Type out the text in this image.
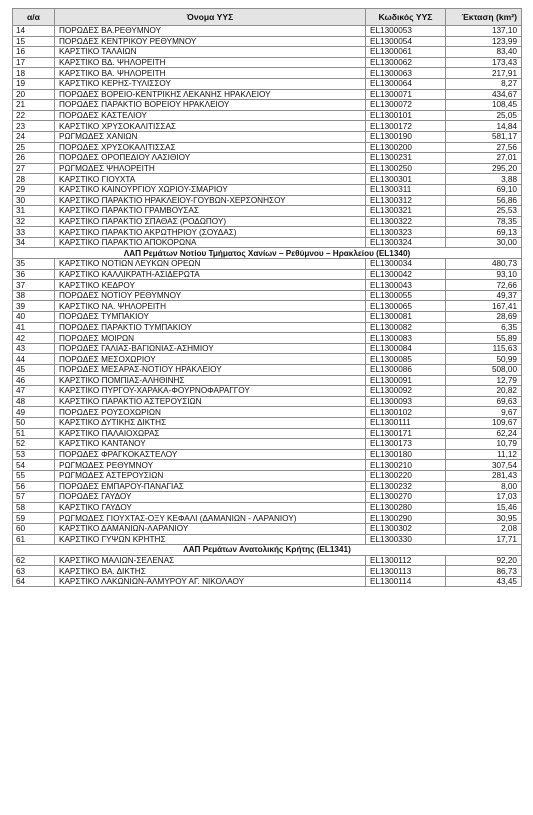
α/α	Όνομα ΥΥΣ	Κωδικός ΥΥΣ	Έκταση (km²)
14	ΠΟΡΩΔΕΣ ΒΑ.ΡΕΘΥΜΝΟΥ	EL1300053	137,10
15	ΠΟΡΩΔΕΣ ΚΕΝΤΡΙΚΟΥ ΡΕΘΥΜΝΟΥ	EL1300054	123,99
16	ΚΑΡΣΤΙΚΟ ΤΑΛΑΙΩΝ	EL1300061	83,40
17	ΚΑΡΣΤΙΚΟ ΒΔ. ΨΗΛΟΡΕΙΤΗ	EL1300062	173,43
18	ΚΑΡΣΤΙΚΟ ΒΑ. ΨΗΛΟΡΕΙΤΗ	EL1300063	217,91
19	ΚΑΡΣΤΙΚΟ ΚΕΡΗΣ-ΤΥΛΙΣΣΟΥ	EL1300064	8,27
20	ΠΟΡΩΔΕΣ ΒΟΡΕΙΟ-ΚΕΝΤΡΙΚΗΣ ΛΕΚΑΝΗΣ ΗΡΑΚΛΕΙΟΥ	EL1300071	434,67
21	ΠΟΡΩΔΕΣ ΠΑΡΑΚΤΙΟ ΒΟΡΕΙΟΥ ΗΡΑΚΛΕΙΟΥ	EL1300072	108,45
22	ΠΟΡΩΔΕΣ ΚΑΣΤΕΛΙΟΥ	EL1300101	25,05
23	ΚΑΡΣΤΙΚΟ ΧΡΥΣΟΚΑΛΙΤΙΣΣΑΣ	EL1300172	14,84
24	ΡΩΓΜΩΔΕΣ ΧΑΝΙΩΝ	EL1300190	581,17
25	ΠΟΡΩΔΕΣ ΧΡΥΣΟΚΑΛΙΤΙΣΣΑΣ	EL1300200	27,56
26	ΠΟΡΩΔΕΣ ΟΡΟΠΕΔΙΟΥ ΛΑΣΙΘΙΟΥ	EL1300231	27,01
27	ΡΩΓΜΩΔΕΣ ΨΗΛΟΡΕΙΤΗ	EL1300250	295,20
28	ΚΑΡΣΤΙΚΟ ΓΙΟΥΧΤΑ	EL1300301	3,88
29	ΚΑΡΣΤΙΚΟ ΚΑΙΝΟΥΡΓΙΟΥ ΧΩΡΙΟΥ-ΣΜΑΡΙΟΥ	EL1300311	69,10
30	ΚΑΡΣΤΙΚΟ ΠΑΡΑΚΤΙΟ ΗΡΑΚΛΕΙΟΥ-ΓΟΥΒΩΝ-ΧΕΡΣΟΝΗΣΟΥ	EL1300312	56,86
31	ΚΑΡΣΤΙΚΟ ΠΑΡΑΚΤΙΟ ΓΡΑΜΒΟΥΣΑΣ	EL1300321	25,53
32	ΚΑΡΣΤΙΚΟ ΠΑΡΑΚΤΙΟ ΣΠΑΘΑΣ (ΡΟΔΩΠΟΥ)	EL1300322	78,35
33	ΚΑΡΣΤΙΚΟ ΠΑΡΑΚΤΙΟ ΑΚΡΩΤΗΡΙΟΥ (ΣΟΥΔΑΣ)	EL1300323	69,13
34	ΚΑΡΣΤΙΚΟ ΠΑΡΑΚΤΙΟ ΑΠΟΚΟΡΩΝΑ	EL1300324	30,00
ΛΑΠ Ρεμάτων Νοτίου Τμήματος Χανίων – Ρεθύμνου – Ηρακλείου (EL1340)			
35	ΚΑΡΣΤΙΚΟ ΝΟΤΙΩΝ ΛΕΥΚΩΝ ΟΡΕΩΝ	EL1300034	480,73
36	ΚΑΡΣΤΙΚΟ ΚΑΛΛΙΚΡΑΤΗ-ΑΣΙΔΕΡΩΤΑ	EL1300042	93,10
37	ΚΑΡΣΤΙΚΟ ΚΕΔΡΟΥ	EL1300043	72,66
38	ΠΟΡΩΔΕΣ ΝΟΤΙΟΥ ΡΕΘΥΜΝΟΥ	EL1300055	49,37
39	ΚΑΡΣΤΙΚΟ ΝΑ. ΨΗΛΟΡΕΙΤΗ	EL1300065	167,41
40	ΠΟΡΩΔΕΣ ΤΥΜΠΑΚΙΟΥ	EL1300081	28,69
41	ΠΟΡΩΔΕΣ ΠΑΡΑΚΤΙΟ ΤΥΜΠΑΚΙΟΥ	EL1300082	6,35
42	ΠΟΡΩΔΕΣ ΜΟΙΡΩΝ	EL1300083	55,89
43	ΠΟΡΩΔΕΣ ΓΑΛΙΑΣ-ΒΑΓΙΩΝΙΑΣ-ΑΣΗΜΙΟΥ	EL1300084	115,63
44	ΠΟΡΩΔΕΣ ΜΕΣΟΧΩΡΙΟΥ	EL1300085	50,99
45	ΠΟΡΩΔΕΣ ΜΕΣΑΡΑΣ-ΝΟΤΙΟΥ ΗΡΑΚΛΕΙΟΥ	EL1300086	508,00
46	ΚΑΡΣΤΙΚΟ ΠΟΜΠΙΑΣ-ΑΛΗΘΙΝΗΣ	EL1300091	12,79
47	ΚΑΡΣΤΙΚΟ ΠΥΡΓΟΥ-ΧΑΡΑΚΑ-ΦΟΥΡΝΟΦΑΡΑΓΓΟΥ	EL1300092	20,82
48	ΚΑΡΣΤΙΚΟ ΠΑΡΑΚΤΙΟ ΑΣΤΕΡΟΥΣΙΩΝ	EL1300093	69,63
49	ΠΟΡΩΔΕΣ ΡΟΥΣΟΧΩΡΙΩΝ	EL1300102	9,67
50	ΚΑΡΣΤΙΚΟ ΔΥΤΙΚΗΣ ΔΙΚΤΗΣ	EL1300111	109,67
51	ΚΑΡΣΤΙΚΟ ΠΑΛΑΙΟΧΩΡΑΣ	EL1300171	62,24
52	ΚΑΡΣΤΙΚΟ ΚΑΝΤΑΝΟΥ	EL1300173	10,79
53	ΠΟΡΩΔΕΣ ΦΡΑΓΚΟΚΑΣΤΕΛΟΥ	EL1300180	11,12
54	ΡΩΓΜΩΔΕΣ ΡΕΘΥΜΝΟΥ	EL1300210	307,54
55	ΡΩΓΜΩΔΕΣ ΑΣΤΕΡΟΥΣΙΩΝ	EL1300220	281,43
56	ΠΟΡΩΔΕΣ ΕΜΠΑΡΟΥ-ΠΑΝΑΓΙΑΣ	EL1300232	8,00
57	ΠΟΡΩΔΕΣ ΓΑΥΔΟΥ	EL1300270	17,03
58	ΚΑΡΣΤΙΚΟ ΓΑΥΔΟΥ	EL1300280	15,46
59	ΡΩΓΜΩΔΕΣ ΓΙΟΥΧΤΑΣ-ΟΞΥ ΚΕΦΑΛΙ (ΔΑΜΑΝΙΩΝ - ΛΑΡΑΝΙΟΥ)	EL1300290	30,95
60	ΚΑΡΣΤΙΚΟ ΔΑΜΑΝΙΩΝ-ΛΑΡΑΝΙΟΥ	EL1300302	2,08
61	ΚΑΡΣΤΙΚΟ ΓΥΨΩΝ ΚΡΗΤΗΣ	EL1300330	17,71
ΛΑΠ Ρεμάτων Ανατολικής Κρήτης (EL1341)			
62	ΚΑΡΣΤΙΚΟ ΜΑΛΙΩΝ-ΣΕΛΕΝΑΣ	EL1300112	92,20
63	ΚΑΡΣΤΙΚΟ ΒΑ. ΔΙΚΤΗΣ	EL1300113	86,73
64	ΚΑΡΣΤΙΚΟ ΛΑΚΩΝΙΩΝ-ΑΛΜΥΡΟΥ ΑΓ. ΝΙΚΟΛΑΟΥ	EL1300114	43,45
